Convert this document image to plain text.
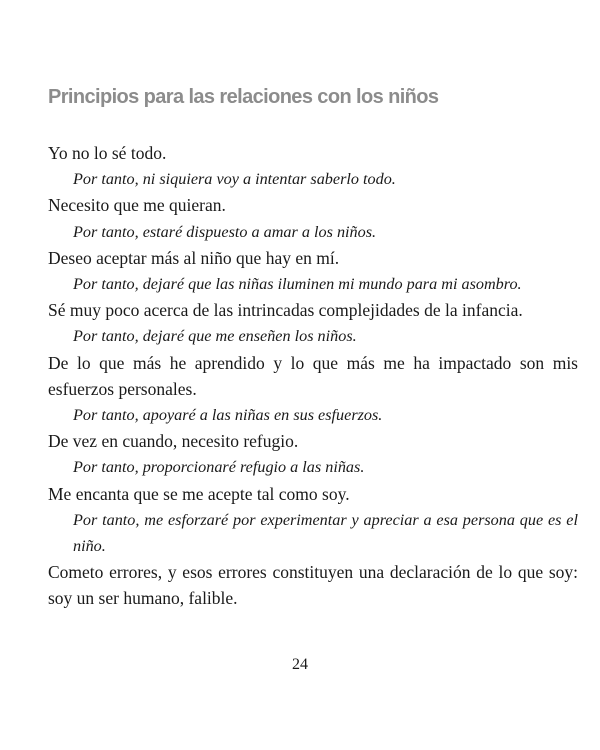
Principios para las relaciones con los niños

Yo no lo sé todo.

Por tanto, ni siquiera voy a intentar saberlo todo.

Necesito que me quieran.

Por tanto, estaré dispuesto a amar a los niños.

Deseo aceptar más al niño que hay en mí.

Por tanto, dejaré que las niñas iluminen mi mundo para mi asombro.

Sé muy poco acerca de las intrincadas complejidades de la infancia.

Por tanto, dejaré que me enseñen los niños.

De lo que más he aprendido y lo que más me ha impactado son mis esfuerzos personales.

Por tanto, apoyaré a las niñas en sus esfuerzos.

De vez en cuando, necesito refugio.

Por tanto, proporcionaré refugio a las niñas.

Me encanta que se me acepte tal como soy.

Por tanto, me esforzaré por experimentar y apreciar a esa persona que es el niño.

Cometo errores, y esos errores constituyen una declaración de lo que soy: soy un ser humano, falible.

24
